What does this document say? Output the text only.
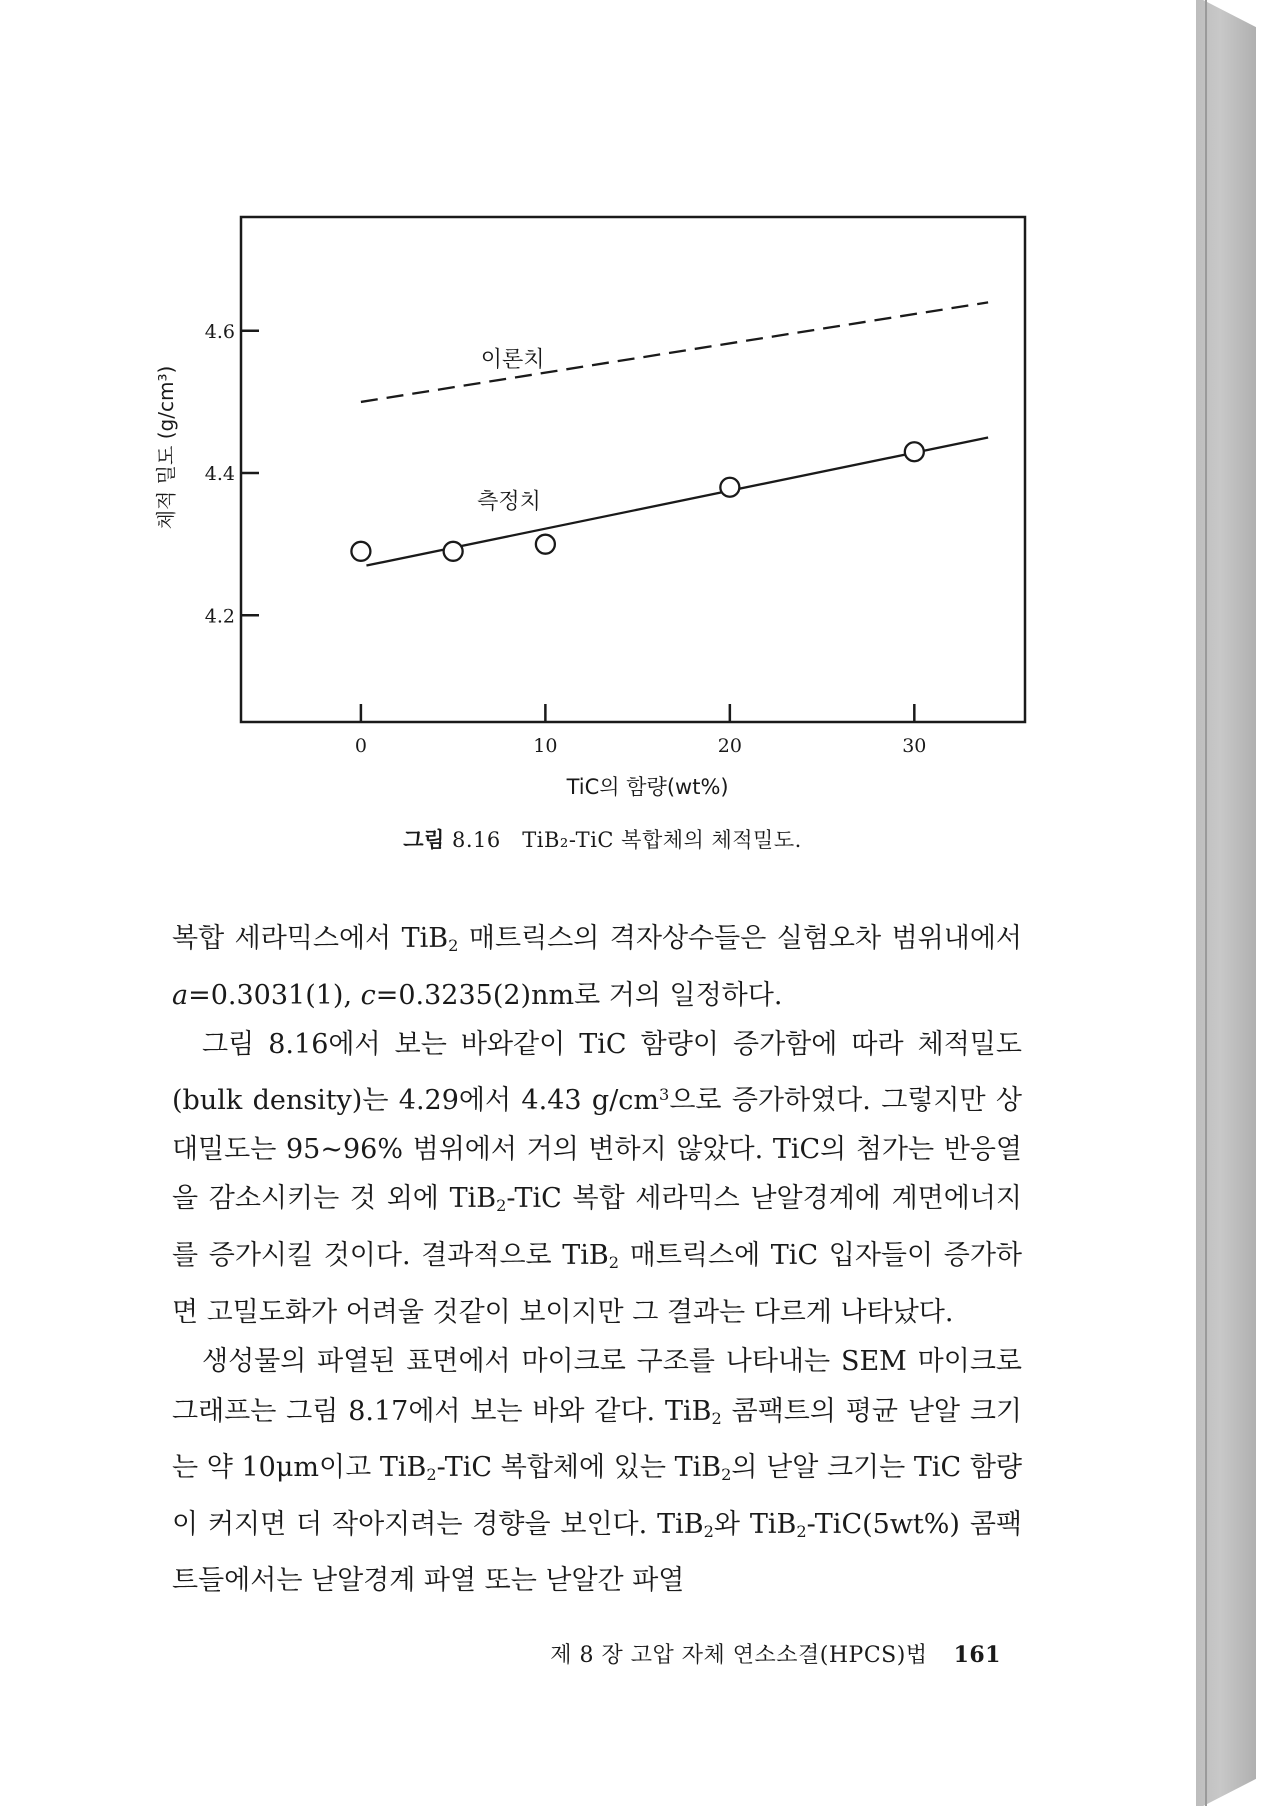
4.2
4.4
4.6
0	10	20	30
이론치
측정치
TiC의 함량(wt%)
체적 밀도 (g/cm³)
그림 8.16 TiB₂-TiC 복합체의 체적밀도.

복합 세라믹스에서 TiB$_2$ 매트릭스의 격자상수들은 실험오차 범위내에서 a=0.3031(1), c=0.3235(2)nm로 거의 일정하다.

그림 8.16에서 보는 바와같이 TiC 함량이 증가함에 따라 체적밀도 (bulk density)는 4.29에서 4.43 $g/cm^3$으로 증가하였다. 그렇지만 상대밀도는 95~96% 범위에서 거의 변하지 않았다. TiC의 첨가는 반응열을 감소시키는 것 외에 TiB$_2$-TiC 복합 세라믹스 낟알경계에 계면에너지를 증가시킬 것이다. 결과적으로 TiB$_2$ 매트릭스에 TiC 입자들이 증가하면 고밀도화가 어려울 것같이 보이지만 그 결과는 다르게 나타났다.

생성물의 파열된 표면에서 마이크로 구조를 나타내는 SEM 마이크로 그래프는 그림 8.17에서 보는 바와 같다. TiB$_2$ 콤팩트의 평균 낟알 크기는 약 10μm이고 TiB$_2$-TiC 복합체에 있는 TiB$_2$의 낟알 크기는 TiC 함량이 커지면 더 작아지려는 경향을 보인다. TiB$_2$와 TiB$_2$-TiC(5wt%) 콤팩트들에서는 낟알경계 파열 또는 낟알간 파열

제 8 장 고압 자체 연소소결(HPCS)법 161
